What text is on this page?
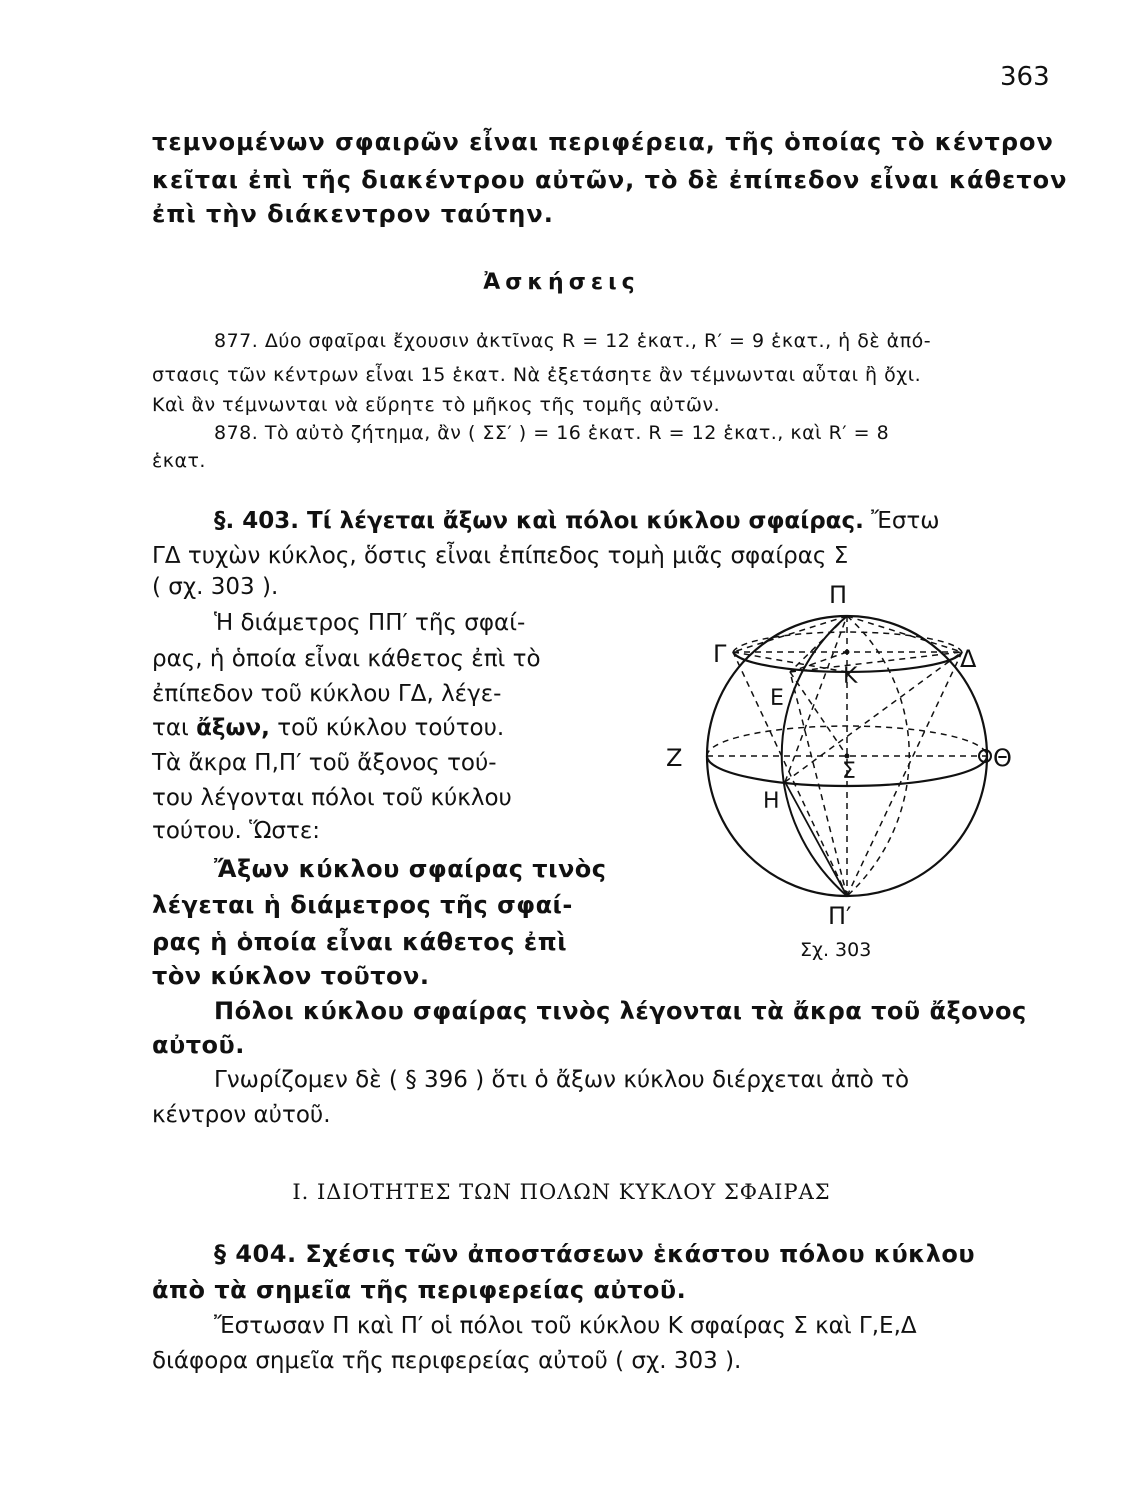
363
τεμνομένων σφαιρῶν εἶναι περιφέρεια, τῆς ὁποίας τὸ κέντρον
κεῖται ἐπὶ τῆς διακέντρου αὐτῶν, τὸ δὲ ἐπίπεδον εἶναι κάθετον
ἐπὶ τὴν διάκεντρον ταύτην.
Ἀσκήσεις
877. Δύο σφαῖραι ἔχουσιν ἀκτῖνας R = 12 ἑκατ., R′ = 9 ἑκατ., ἡ δὲ ἀπό-
στασις τῶν κέντρων εἶναι 15 ἑκατ. Νὰ ἐξετάσητε ἂν τέμνωνται αὗται ἢ ὄχι.
Καὶ ἂν τέμνωνται νὰ εὕρητε τὸ μῆκος τῆς τομῆς αὐτῶν.
878. Τὸ αὐτὸ ζήτημα, ἂν ( ΣΣ′ ) = 16 ἑκατ. R = 12 ἑκατ., καὶ R′ = 8
ἑκατ.
§. 403. Τί λέγεται ἄξων καὶ πόλοι κύκλου σφαίρας. Ἔστω
ΓΔ τυχὼν κύκλος, ὅστις εἶναι ἐπίπεδος τομὴ μιᾶς σφαίρας Σ
( σχ. 303 ).
Ἡ διάμετρος ΠΠ′ τῆς σφαί-
ρας, ἡ ὁποία εἶναι κάθετος ἐπὶ τὸ
ἐπίπεδον τοῦ κύκλου ΓΔ, λέγε-
ται ἄξων, τοῦ κύκλου τούτου.
Τὰ ἄκρα Π,Π′ τοῦ ἄξονος τού-
του λέγονται πόλοι τοῦ κύκλου
τούτου. Ὥστε:
Ἄξων κύκλου σφαίρας τινὸς
λέγεται ἡ διάμετρος τῆς σφαί-
ρας ἡ ὁποία εἶναι κάθετος ἐπὶ
τὸν κύκλον τοῦτον.
Πόλοι κύκλου σφαίρας τινὸς λέγονται τὰ ἄκρα τοῦ ἄξονος
αὐτοῦ.
Γνωρίζομεν δὲ ( § 396 ) ὅτι ὁ ἄξων κύκλου διέρχεται ἀπὸ τὸ
κέντρον αὐτοῦ.
I. ΙΔΙΟΤΗΤΕΣ ΤΩΝ ΠΟΛΩΝ ΚΥΚΛΟΥ ΣΦΑΙΡΑΣ
§ 404. Σχέσις τῶν ἀποστάσεων ἑκάστου πόλου κύκλου
ἀπὸ τὰ σημεῖα τῆς περιφερείας αὐτοῦ.
Ἔστωσαν Π καὶ Π′ οἱ πόλοι τοῦ κύκλου Κ σφαίρας Σ καὶ Γ,Ε,Δ
διάφορα σημεῖα τῆς περιφερείας αὐτοῦ ( σχ. 303 ).
Π
Π′
Γ	Δ
Ε
Κ
Ζ	Θ
Σ
Η
Σχ. 303
